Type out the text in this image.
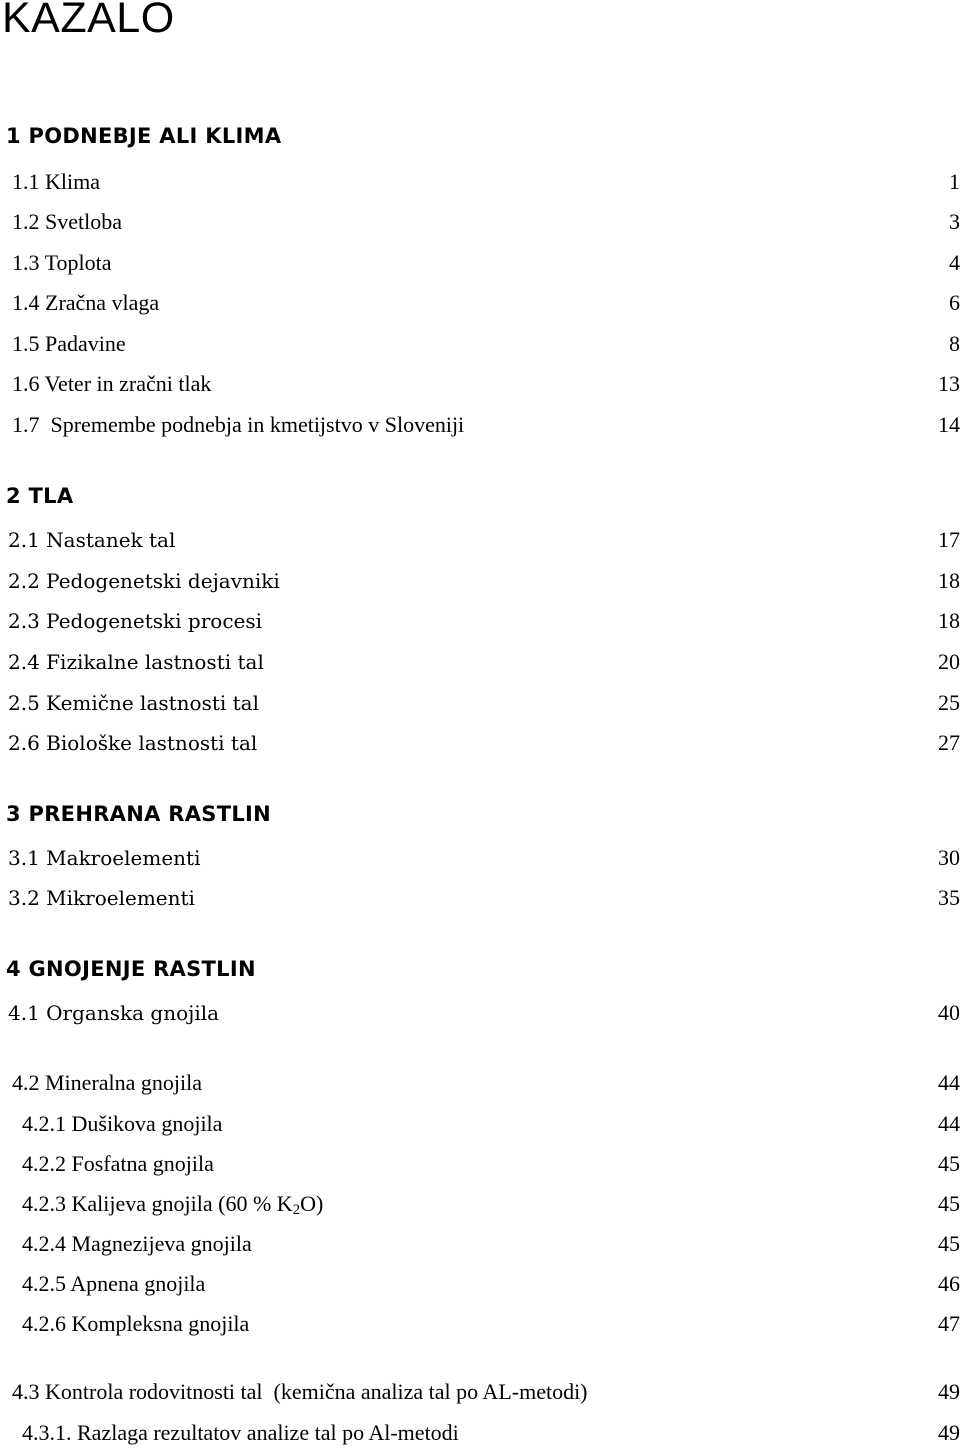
KAZALO
1 PODNEBJE ALI KLIMA
1.1 Klima	1
1.2 Svetloba	3
1.3 Toplota	4
1.4 Zračna vlaga	6
1.5 Padavine	8
1.6 Veter in zračni tlak	13
1.7  Spremembe podnebja in kmetijstvo v Sloveniji	14
2 TLA
2.1 Nastanek tal	17
2.2 Pedogenetski dejavniki	18
2.3 Pedogenetski procesi	18
2.4 Fizikalne lastnosti tal	20
2.5 Kemične lastnosti tal	25
2.6 Biološke lastnosti tal	27
3 PREHRANA RASTLIN
3.1 Makroelementi	30
3.2 Mikroelementi	35
4 GNOJENJE RASTLIN
4.1 Organska gnojila	40
4.2 Mineralna gnojila	44
4.2.1 Dušikova gnojila	44
4.2.2 Fosfatna gnojila	45
4.2.3 Kalijeva gnojila (60 % $K_2O$)	45
4.2.4 Magnezijeva gnojila	45
4.2.5 Apnena gnojila	46
4.2.6 Kompleksna gnojila	47
4.3 Kontrola rodovitnosti tal  (kemična analiza tal po AL-metodi)	49
4.3.1. Razlaga rezultatov analize tal po Al-metodi	49
